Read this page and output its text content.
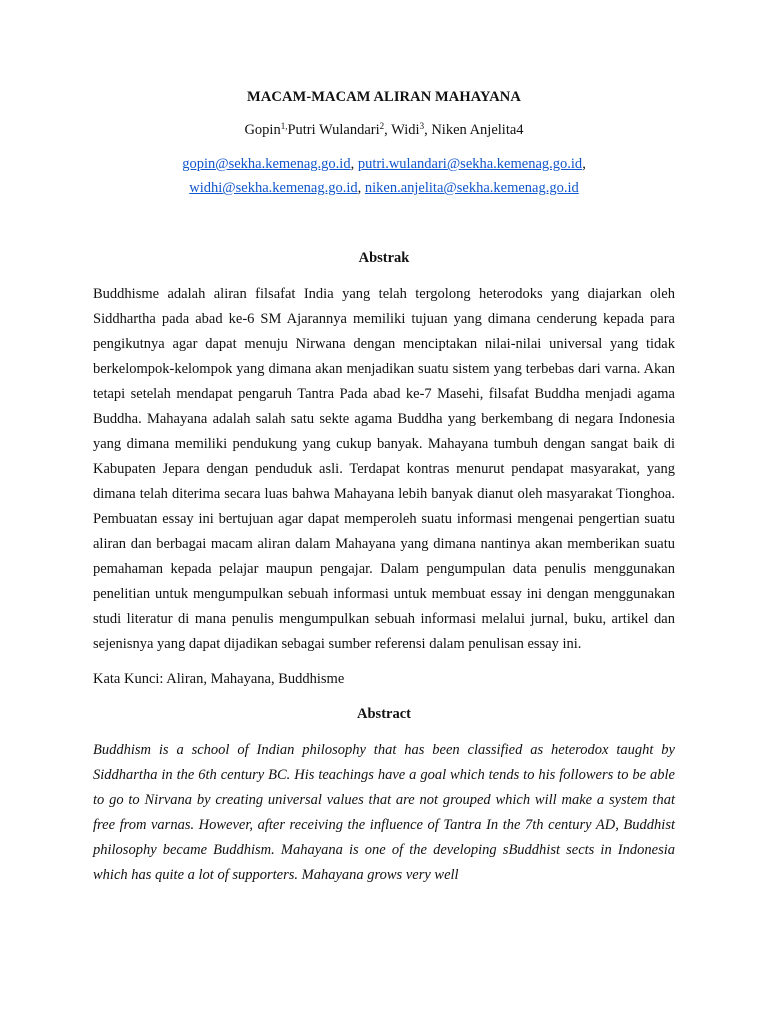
MACAM-MACAM ALIRAN MAHAYANA
Gopin$^{1,}$Putri Wulandari$^2$, Widi$^3$, Niken Anjelita4
gopin@sekha.kemenag.go.id, putri.wulandari@sekha.kemenag.go.id,
widhi@sekha.kemenag.go.id, niken.anjelita@sekha.kemenag.go.id
Abstrak

Buddhisme adalah aliran filsafat India yang telah tergolong heterodoks yang diajarkan oleh Siddhartha pada abad ke-6 SM Ajarannya memiliki tujuan yang dimana cenderung kepada para pengikutnya agar dapat menuju Nirwana dengan menciptakan nilai-nilai universal yang tidak berkelompok-kelompok yang dimana akan menjadikan suatu sistem yang terbebas dari varna. Akan tetapi setelah mendapat pengaruh Tantra Pada abad ke-7 Masehi, filsafat Buddha menjadi agama Buddha. Mahayana adalah salah satu sekte agama Buddha yang berkembang di negara Indonesia yang dimana memiliki pendukung yang cukup banyak. Mahayana tumbuh dengan sangat baik di Kabupaten Jepara dengan penduduk asli. Terdapat kontras menurut pendapat masyarakat, yang dimana telah diterima secara luas bahwa Mahayana lebih banyak dianut oleh masyarakat Tionghoa. Pembuatan essay ini bertujuan agar dapat memperoleh suatu informasi mengenai pengertian suatu aliran dan berbagai macam aliran dalam Mahayana yang dimana nantinya akan memberikan suatu pemahaman kepada pelajar maupun pengajar. Dalam pengumpulan data penulis menggunakan penelitian untuk mengumpulkan sebuah informasi untuk membuat essay ini dengan menggunakan studi literatur di mana penulis mengumpulkan sebuah informasi melalui jurnal, buku, artikel dan sejenisnya yang dapat dijadikan sebagai sumber referensi dalam penulisan essay ini.

Kata Kunci: Aliran, Mahayana, Buddhisme
Abstract

Buddhism is a school of Indian philosophy that has been classified as heterodox taught by Siddhartha in the 6th century BC. His teachings have a goal which tends to his followers to be able to go to Nirvana by creating universal values that are not grouped which will make a system that free from varnas. However, after receiving the influence of Tantra In the 7th century AD, Buddhist philosophy became Buddhism. Mahayana is one of the developing sBuddhist sects in Indonesia which has quite a lot of supporters. Mahayana grows very well
